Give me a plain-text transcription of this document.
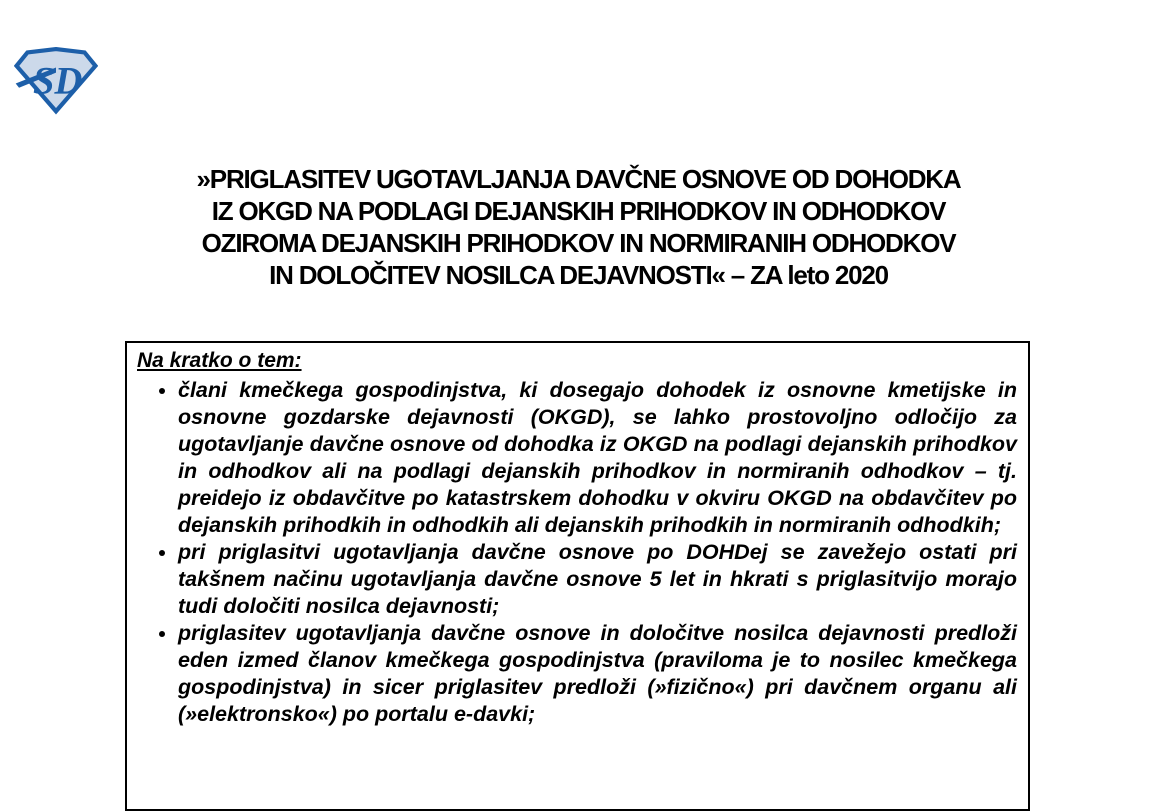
SD
»PRIGLASITEV UGOTAVLJANJA DAVČNE OSNOVE OD DOHODKA
IZ OKGD NA PODLAGI DEJANSKIH PRIHODKOV IN ODHODKOV
OZIROMA DEJANSKIH PRIHODKOV IN NORMIRANIH ODHODKOV
IN DOLOČITEV NOSILCA DEJAVNOSTI« – ZA leto 2020

Na kratko o tem:

• člani kmečkega gospodinjstva, ki dosegajo dohodek iz osnovne kmetijske in osnovne gozdarske dejavnosti (OKGD), se lahko prostovoljno odločijo za ugotavljanje davčne osnove od dohodka iz OKGD na podlagi dejanskih prihodkov in odhodkov ali na podlagi dejanskih prihodkov in normiranih odhodkov – tj. preidejo iz obdavčitve po katastrskem dohodku v okviru OKGD na obdavčitev po dejanskih prihodkih in odhodkih ali dejanskih prihodkih in normiranih odhodkih;
• pri priglasitvi ugotavljanja davčne osnove po DOHDej se zavežejo ostati pri takšnem načinu ugotavljanja davčne osnove 5 let in hkrati s priglasitvijo morajo tudi določiti nosilca dejavnosti;
• priglasitev ugotavljanja davčne osnove in določitve nosilca dejavnosti predloži eden izmed članov kmečkega gospodinjstva (praviloma je to nosilec kmečkega gospodinjstva) in sicer priglasitev predloži (»fizično«) pri davčnem organu ali (»elektronsko«) po portalu e-davki;
